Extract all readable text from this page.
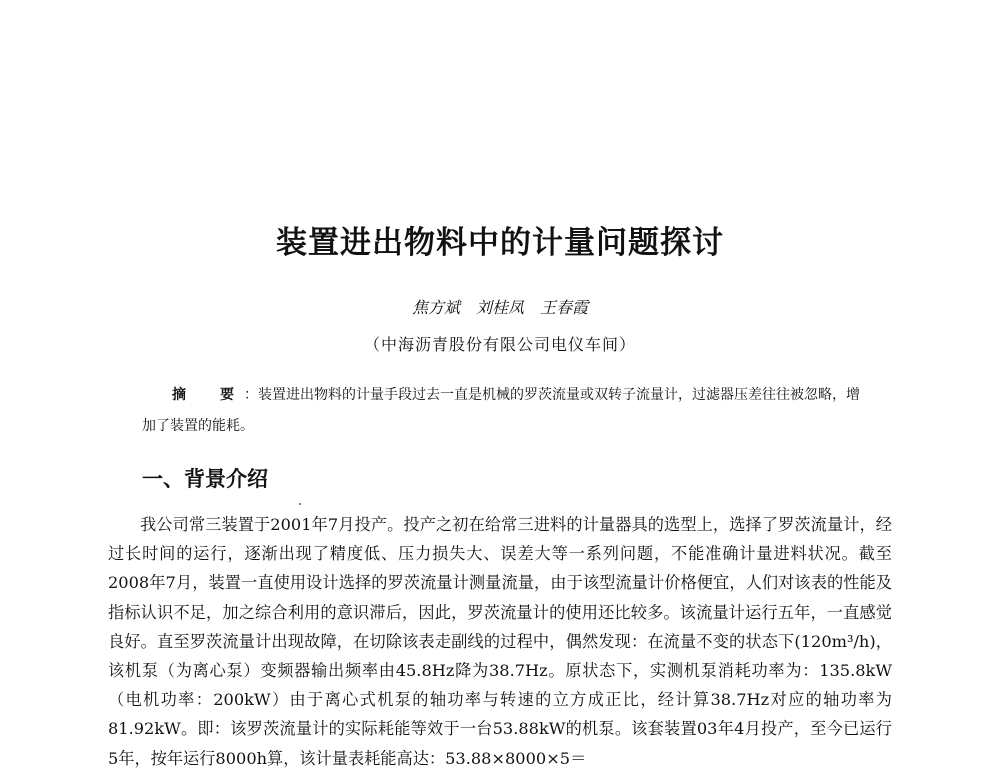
装置进出物料中的计量问题探讨
焦方斌　刘桂凤　王春霞
（中海沥青股份有限公司电仪车间）
摘　要：装置进出物料的计量手段过去一直是机械的罗茨流量或双转子流量计，过滤器压差往往被忽略，增加了装置的能耗。
一、背景介绍
我公司常三装置于2001年7月投产。投产之初在给常三进料的计量器具的选型上，选择了罗茨流量计，经过长时间的运行，逐渐出现了精度低、压力损失大、误差大等一系列问题，不能准确计量进料状况。截至2008年7月，装置一直使用设计选择的罗茨流量计测量流量，由于该型流量计价格便宜，人们对该表的性能及指标认识不足，加之综合利用的意识滞后，因此，罗茨流量计的使用还比较多。该流量计运行五年，一直感觉良好。直至罗茨流量计出现故障，在切除该表走副线的过程中，偶然发现：在流量不变的状态下(120m³/h)，该机泵（为离心泵）变频器输出频率由45.8Hz降为38.7Hz。原状态下，实测机泵消耗功率为：135.8kW（电机功率：200kW）由于离心式机泵的轴功率与转速的立方成正比，经计算38.7Hz对应的轴功率为81.92kW。即：该罗茨流量计的实际耗能等效于一台53.88kW的机泵。该套装置03年4月投产，至今已运行5年，按年运行8000h算，该计量表耗能高达：53.88×8000×5＝
